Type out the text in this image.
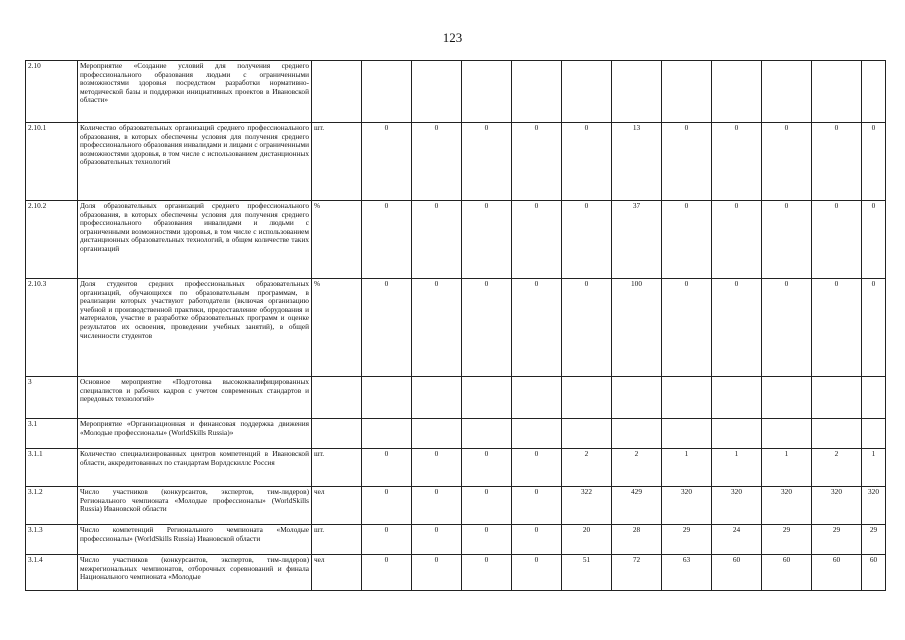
123
2.10	Мероприятие «Создание условий для получения среднего профессионального образования людьми с ограниченными возможностями здоровья посредством разработки нормативно-методической базы и поддержки инициативных проектов в Ивановской области»													
2.10.1	Количество образовательных организаций среднего профессионального образования, в которых обеспечены условия для получения среднего профессионального образования инвалидами и лицами с ограниченными возможностями здоровья, в том числе с использованием дистанционных образовательных технологий	шт.	0	0	0	0	0	13	0	0	0	0	0	
2.10.2	Доля образовательных организаций среднего профессионального образования, в которых обеспечены условия для получения среднего профессионального образования инвалидами и людьми с ограниченными возможностями здоровья, в том числе с использованием дистанционных образовательных технологий, в общем количестве таких организаций	%	0	0	0	0	0	37	0	0	0	0	0	
2.10.3	Доля студентов средних профессиональных образовательных организаций, обучающихся по образовательным программам, в реализации которых участвуют работодатели (включая организацию учебной и производственной практики, предоставление оборудования и материалов, участие в разработке образовательных программ и оценке результатов их освоения, проведении учебных занятий), в общей численности студентов	%	0	0	0	0	0	100	0	0	0	0	0	
3	Основное мероприятие «Подготовка высококвалифицированных специалистов и рабочих кадров с учетом современных стандартов и передовых технологий»													
3.1	Мероприятие «Организационная и финансовая поддержка движения «Молодые профессионалы» (WorldSkills Russia)»													
3.1.1	Количество специализированных центров компетенций в Ивановской области, аккредитованных по стандартам Ворлдскиллс Россия	шт.	0	0	0	0	2	2	1	1	1	2	1	
3.1.2	Число участников (конкурсантов, экспертов, тим-лидеров) Регионального чемпионата «Молодые профессионалы» (WorldSkills Russia) Ивановской области	чел	0	0	0	0	322	429	320	320	320	320	320	
3.1.3	Число компетенций Регионального чемпионата «Молодые профессионалы» (WorldSkills Russia) Ивановской области	шт.	0	0	0	0	20	28	29	24	29	29	29	
3.1.4	Число участников (конкурсантов, экспертов, тим-лидеров) межрегиональных чемпионатов, отборочных соревнований и финала Национального чемпионата «Молодые	чел	0	0	0	0	51	72	63	60	60	60	60	
